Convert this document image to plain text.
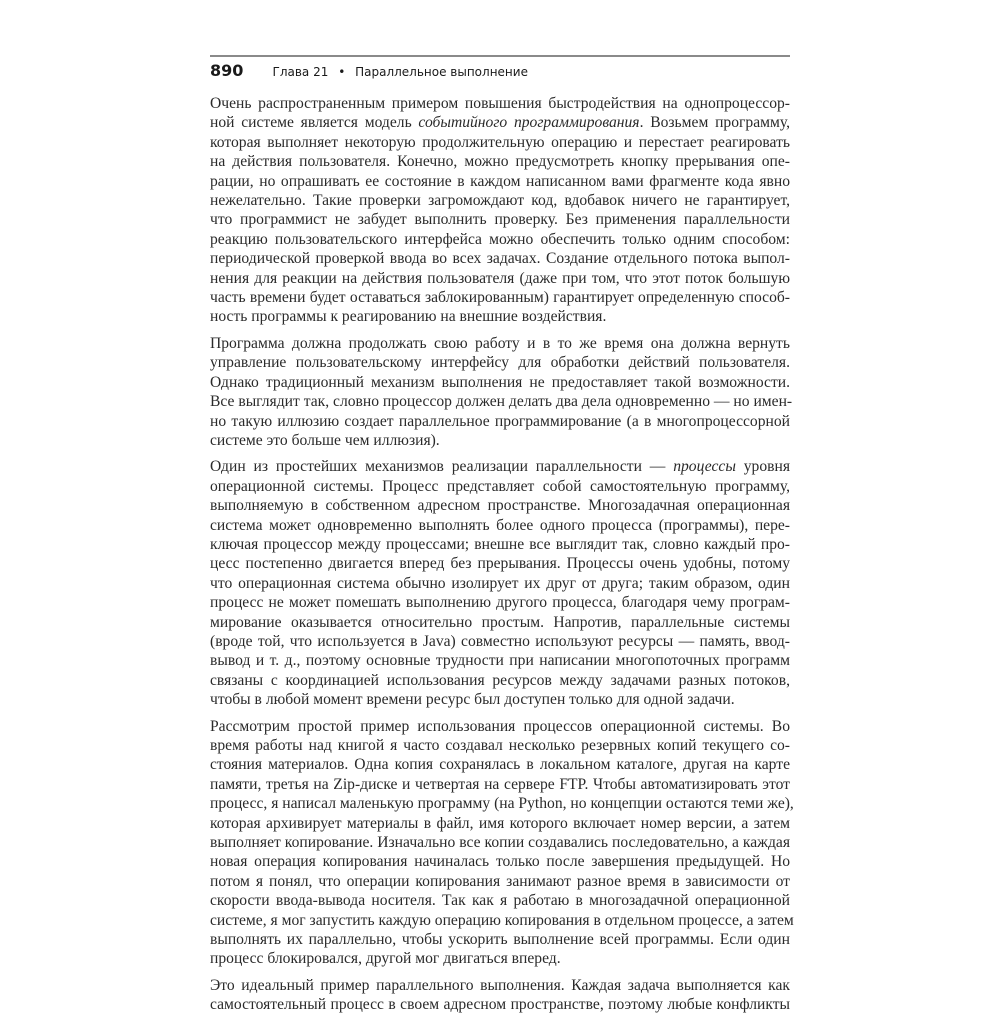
890 Глава 21 • Параллельное выполнение

Очень распространенным примером повышения быстродействия на однопроцессор-
ной системе является модель событийного программирования. Возьмем программу,
которая выполняет некоторую продолжительную операцию и перестает реагировать
на действия пользователя. Конечно, можно предусмотреть кнопку прерывания опе-
рации, но опрашивать ее состояние в каждом написанном вами фрагменте кода явно
нежелательно. Такие проверки загромождают код, вдобавок ничего не гарантирует,
что программист не забудет выполнить проверку. Без применения параллельности
реакцию пользовательского интерфейса можно обеспечить только одним способом:
периодической проверкой ввода во всех задачах. Создание отдельного потока выпол-
нения для реакции на действия пользователя (даже при том, что этот поток большую
часть времени будет оставаться заблокированным) гарантирует определенную способ-
ность программы к реагированию на внешние воздействия.

Программа должна продолжать свою работу и в то же время она должна вернуть
управление пользовательскому интерфейсу для обработки действий пользователя.
Однако традиционный механизм выполнения не предоставляет такой возможности.
Все выглядит так, словно процессор должен делать два дела одновременно — но имен-
но такую иллюзию создает параллельное программирование (а в многопроцессорной
системе это больше чем иллюзия).

Один из простейших механизмов реализации параллельности — процессы уровня
операционной системы. Процесс представляет собой самостоятельную программу,
выполняемую в собственном адресном пространстве. Многозадачная операционная
система может одновременно выполнять более одного процесса (программы), пере-
ключая процессор между процессами; внешне все выглядит так, словно каждый про-
цесс постепенно двигается вперед без прерывания. Процессы очень удобны, потому
что операционная система обычно изолирует их друг от друга; таким образом, один
процесс не может помешать выполнению другого процесса, благодаря чему програм-
мирование оказывается относительно простым. Напротив, параллельные системы
(вроде той, что используется в Java) совместно используют ресурсы — память, ввод-
вывод и т. д., поэтому основные трудности при написании многопоточных программ
связаны с координацией использования ресурсов между задачами разных потоков,
чтобы в любой момент времени ресурс был доступен только для одной задачи.

Рассмотрим простой пример использования процессов операционной системы. Во
время работы над книгой я часто создавал несколько резервных копий текущего со-
стояния материалов. Одна копия сохранялась в локальном каталоге, другая на карте
памяти, третья на Zip-диске и четвертая на сервере FTP. Чтобы автоматизировать этот
процесс, я написал маленькую программу (на Python, но концепции остаются теми же),
которая архивирует материалы в файл, имя которого включает номер версии, а затем
выполняет копирование. Изначально все копии создавались последовательно, а каждая
новая операция копирования начиналась только после завершения предыдущей. Но
потом я понял, что операции копирования занимают разное время в зависимости от
скорости ввода-вывода носителя. Так как я работаю в многозадачной операционной
системе, я мог запустить каждую операцию копирования в отдельном процессе, а затем
выполнять их параллельно, чтобы ускорить выполнение всей программы. Если один
процесс блокировался, другой мог двигаться вперед.

Это идеальный пример параллельного выполнения. Каждая задача выполняется как
самостоятельный процесс в своем адресном пространстве, поэтому любые конфликты
